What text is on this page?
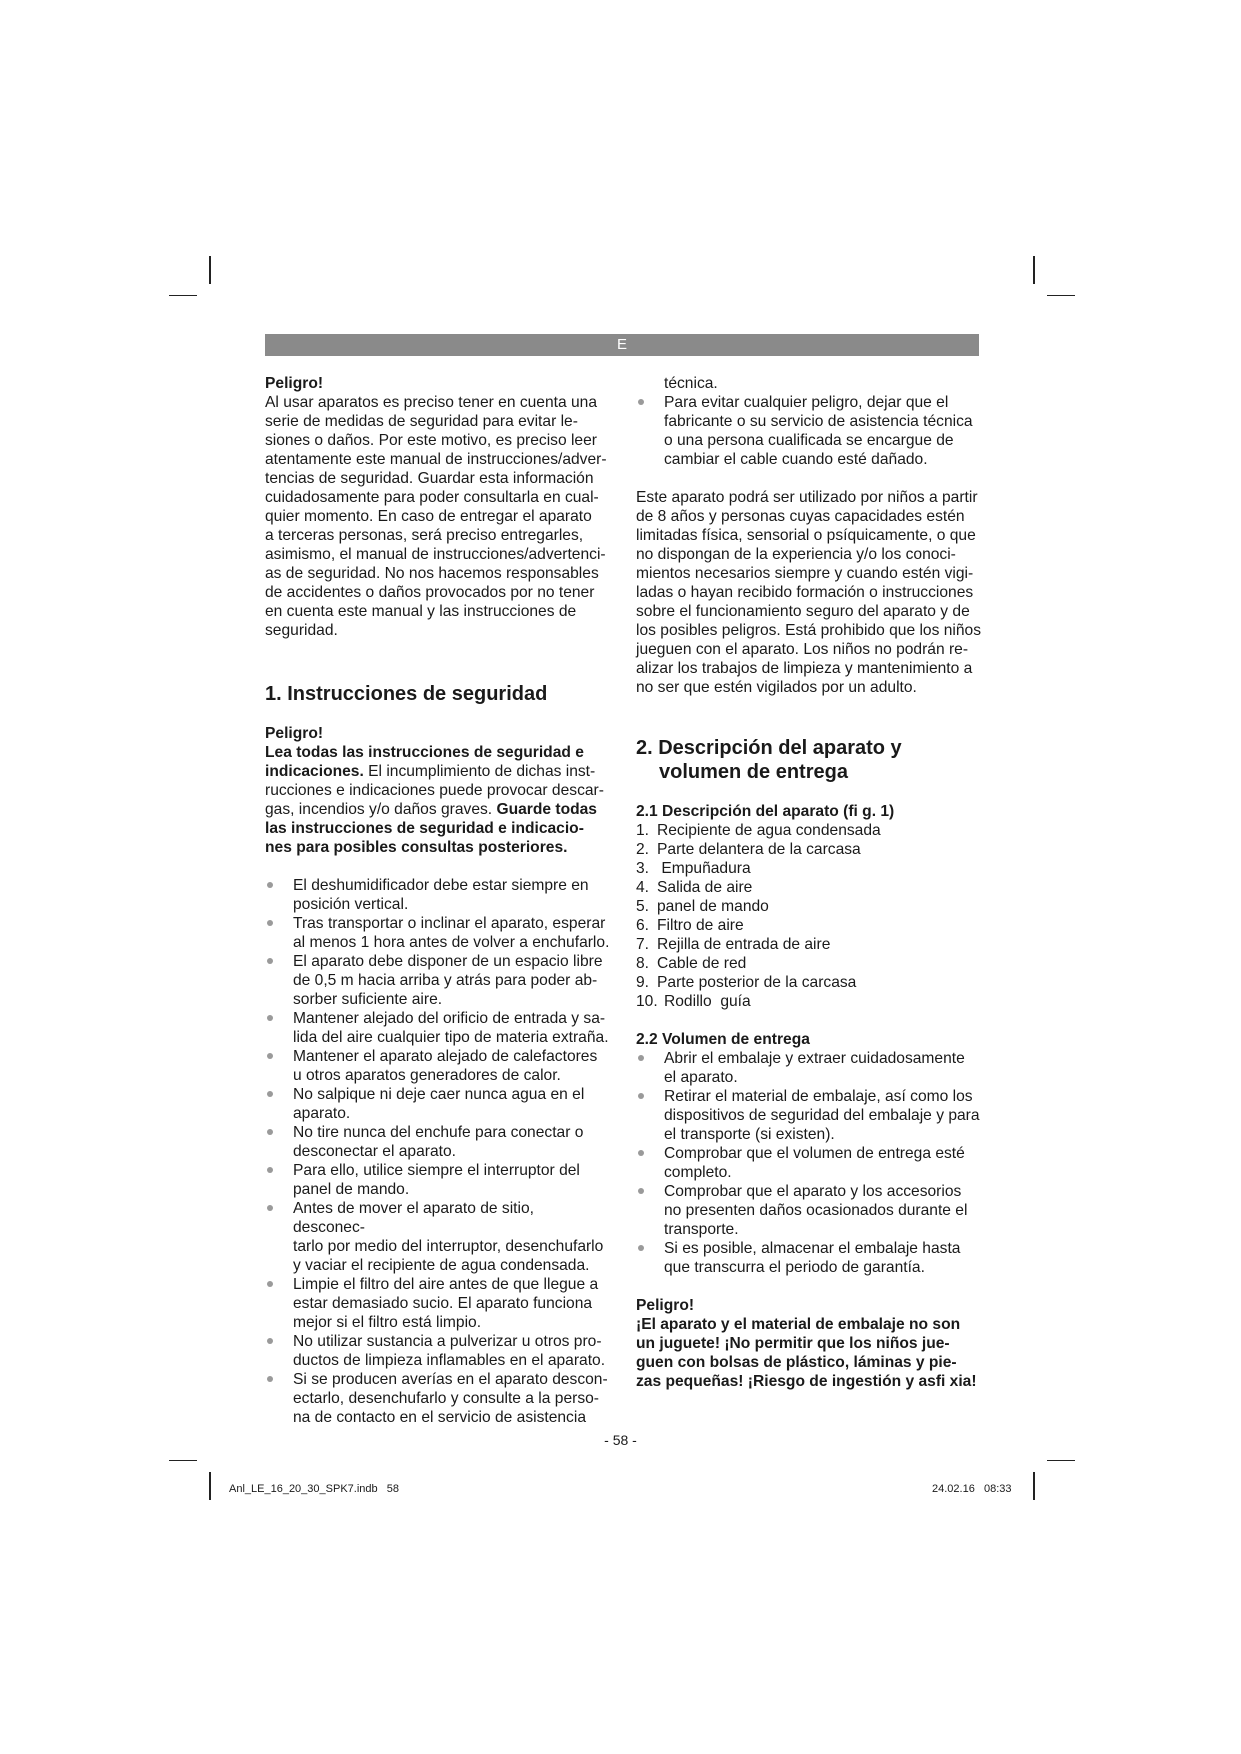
E

Peligro!

Al usar aparatos es preciso tener en cuenta una
serie de medidas de seguridad para evitar le-
siones o daños. Por este motivo, es preciso leer
atentamente este manual de instrucciones/adver-
tencias de seguridad. Guardar esta información
cuidadosamente para poder consultarla en cual-
quier momento. En caso de entregar el aparato
a terceras personas, será preciso entregarles,
asimismo, el manual de instrucciones/advertenci-
as de seguridad. No nos hacemos responsables
de accidentes o daños provocados por no tener
en cuenta este manual y las instrucciones de
seguridad.
1. Instrucciones de seguridad

Peligro!

Lea todas las instrucciones de seguridad e
indicaciones. El incumplimiento de dichas inst-
rucciones e indicaciones puede provocar descar-
gas, incendios y/o daños graves. Guarde todas
las instrucciones de seguridad e indicacio-
nes para posibles consultas posteriores.
El deshumidificador debe estar siempre en
posición vertical.
Tras transportar o inclinar el aparato, esperar
al menos 1 hora antes de volver a enchufarlo.
El aparato debe disponer de un espacio libre
de 0,5 m hacia arriba y atrás para poder ab-
sorber suficiente aire.
Mantener alejado del orificio de entrada y sa-
lida del aire cualquier tipo de materia extraña.
Mantener el aparato alejado de calefactores
u otros aparatos generadores de calor.
No salpique ni deje caer nunca agua en el
aparato.
No tire nunca del enchufe para conectar o
desconectar el aparato.
Para ello, utilice siempre el interruptor del
panel de mando.
Antes de mover el aparato de sitio, desconec-
tarlo por medio del interruptor, desenchufarlo
y vaciar el recipiente de agua condensada.
Limpie el filtro del aire antes de que llegue a
estar demasiado sucio. El aparato funciona
mejor si el filtro está limpio.
No utilizar sustancia a pulverizar u otros pro-
ductos de limpieza inflamables en el aparato.
Si se producen averías en el aparato descon-
ectarlo, desenchufarlo y consulte a la perso-
na de contacto en el servicio de asistencia
técnica.
Para evitar cualquier peligro, dejar que el
fabricante o su servicio de asistencia técnica
o una persona cualificada se encargue de
cambiar el cable cuando esté dañado.
Este aparato podrá ser utilizado por niños a partir
de 8 años y personas cuyas capacidades estén
limitadas física, sensorial o psíquicamente, o que
no dispongan de la experiencia y/o los conoci-
mientos necesarios siempre y cuando estén vigi-
ladas o hayan recibido formación o instrucciones
sobre el funcionamiento seguro del aparato y de
los posibles peligros. Está prohibido que los niños
jueguen con el aparato. Los niños no podrán re-
alizar los trabajos de limpieza y mantenimiento a
no ser que estén vigilados por un adulto.
2. Descripción del aparato y
volumen de entrega
2.1 Descripción del aparato (fi g. 1)
1. Recipiente de agua condensada
2. Parte delantera de la carcasa
3. Empuñadura
4. Salida de aire
5. panel de mando
6. Filtro de aire
7. Rejilla de entrada de aire
8. Cable de red
9. Parte posterior de la carcasa
10. Rodillo  guía
2.2 Volumen de entrega
Abrir el embalaje y extraer cuidadosamente
el aparato.
Retirar el material de embalaje, así como los
dispositivos de seguridad del embalaje y para
el transporte (si existen).
Comprobar que el volumen de entrega esté
completo.
Comprobar que el aparato y los accesorios
no presenten daños ocasionados durante el
transporte.
Si es posible, almacenar el embalaje hasta
que transcurra el periodo de garantía.

Peligro!

¡El aparato y el material de embalaje no son
un juguete! ¡No permitir que los niños jue-
guen con bolsas de plástico, láminas y pie-
zas pequeñas! ¡Riesgo de ingestión y asfi xia!
- 58 -
Anl_LE_16_20_30_SPK7.indb   58	24.02.16   08:33
